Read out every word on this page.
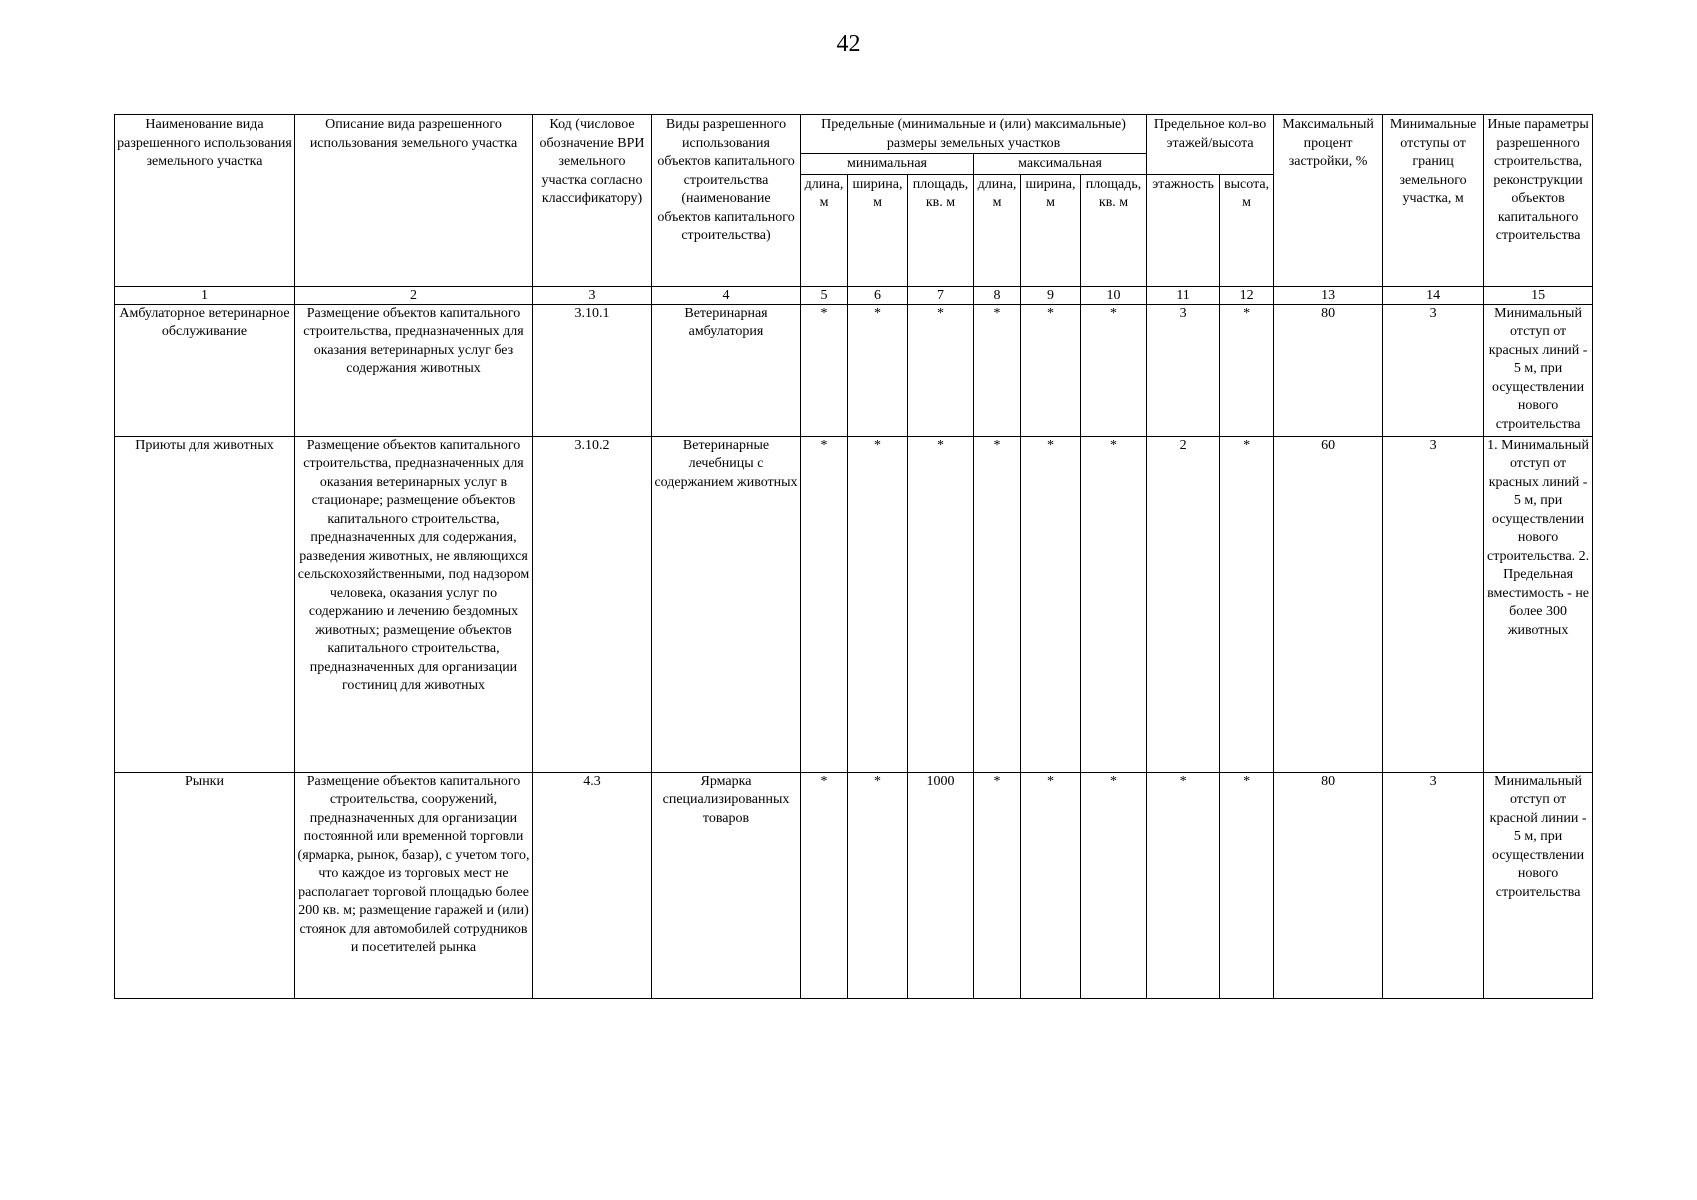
42
Наименование вида разрешенного использования земельного участка	Описание вида разрешенного использования земельного участка	Код (числовое обозначение ВРИ земельного участка согласно классификатору)	Виды разрешенного использования объектов капитального строительства (наименование объектов капитального строительства)	Предельные (минимальные и (или) максимальные) размеры земельных участков						Предельное кол-во этажей/высота		Максимальный процент застройки, %	Минимальные отступы от границ земельного участка, м	Иные параметры разрешенного строительства, реконструкции объектов капитального строительства

				минимальная			максимальная							
				длина, м	ширина, м	площадь, кв. м	длина, м	ширина, м	площадь, кв. м	этажность	высота, м			
1	2	3	4	5	6	7	8	9	10	11	12	13	14	15
Амбулаторное ветеринарное обслуживание	Размещение объектов капитального строительства, предназначенных для оказания ветеринарных услуг без содержания животных	3.10.1	Ветеринарная амбулатория	*	*	*	*	*	*	3	*	80	3	Минимальный отступ от красных линий - 5 м, при осуществлении нового строительства
Приюты для животных	Размещение объектов капитального строительства, предназначенных для оказания ветеринарных услуг в стационаре; размещение объектов капитального строительства, предназначенных для содержания, разведения животных, не являющихся сельскохозяйственными, под надзором человека, оказания услуг по содержанию и лечению бездомных животных; размещение объектов капитального строительства, предназначенных для организации гостиниц для животных	3.10.2	Ветеринарные лечебницы с содержанием животных	*	*	*	*	*	*	2	*	60	3	1. Минимальный отступ от красных линий - 5 м, при осуществлении нового строительства. 2. Предельная вместимость - не более 300 животных
Рынки	Размещение объектов капитального строительства, сооружений, предназначенных для организации постоянной или временной торговли (ярмарка, рынок, базар), с учетом того, что каждое из торговых мест не располагает торговой площадью более 200 кв. м; размещение гаражей и (или) стоянок для автомобилей сотрудников и посетителей рынка	4.3	Ярмарка специализированных товаров	*	*	1000	*	*	*	*	*	80	3	Минимальный отступ от красной линии - 5 м, при осуществлении нового строительства
